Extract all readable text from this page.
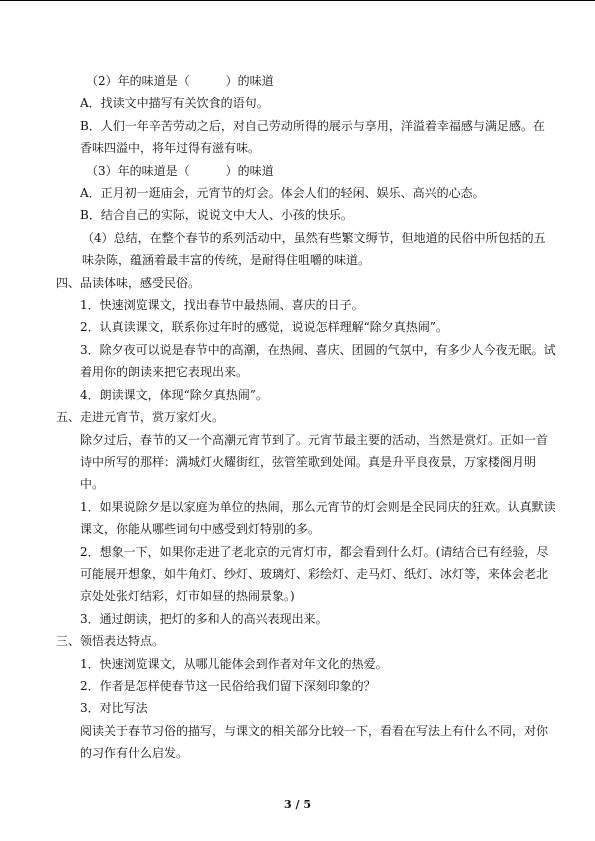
（2）年的味道是（　　　）的味道

A．找读文中描写有关饮食的语句。

B．人们一年辛苦劳动之后，对自己劳动所得的展示与享用，洋溢着幸福感与满足感。在香味四溢中，将年过得有滋有味。

（3）年的味道是（　　　）的味道

A．正月初一逛庙会，元宵节的灯会。体会人们的轻闲、娱乐、高兴的心态。

B．结合自己的实际，说说文中大人、小孩的快乐。

（4）总结，在整个春节的系列活动中，虽然有些繁文缛节，但地道的民俗中所包括的五味杂陈，蕴涵着最丰富的传统，是耐得住咀嚼的味道。

四、品读体味，感受民俗。

1．快速浏览课文，找出春节中最热闹、喜庆的日子。

2．认真读课文，联系你过年时的感觉，说说怎样理解“除夕真热闹”。

3．除夕夜可以说是春节中的高潮，在热闹、喜庆、团圆的气氛中，有多少人今夜无眠。试着用你的朗读来把它表现出来。

4．朗读课文，体现“除夕真热闹”。

五、走进元宵节，赏万家灯火。

除夕过后，春节的又一个高潮元宵节到了。元宵节最主要的活动，当然是赏灯。正如一首诗中所写的那样：满城灯火耀街红，弦管笙歌到处闻。真是升平良夜景，万家楼阁月明中。

1．如果说除夕是以家庭为单位的热闹，那么元宵节的灯会则是全民同庆的狂欢。认真默读课文，你能从哪些词句中感受到灯特别的多。

2．想象一下，如果你走进了老北京的元宵灯市，都会看到什么灯。(请结合已有经验，尽可能展开想象，如牛角灯、纱灯、玻璃灯、彩绘灯、走马灯、纸灯、冰灯等，来体会老北京处处张灯结彩，灯市如昼的热闹景象。)

3．通过朗读，把灯的多和人的高兴表现出来。

三、领悟表达特点。

1．快速浏览课文，从哪儿能体会到作者对年文化的热爱。

2．作者是怎样使春节这一民俗给我们留下深刻印象的？

3．对比写法

阅读关于春节习俗的描写，与课文的相关部分比较一下，看看在写法上有什么不同，对你的习作有什么启发。

3 / 5
